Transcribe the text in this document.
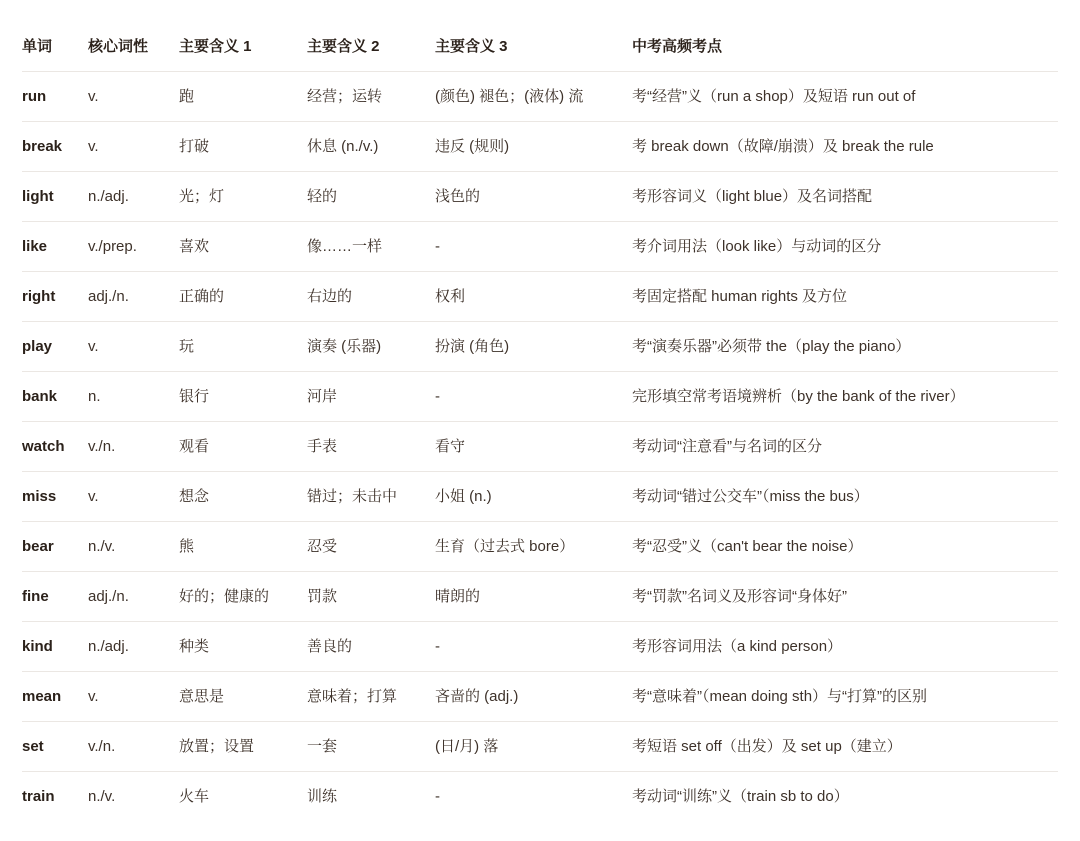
单词	核心词性	主要含义 1	主要含义 2	主要含义 3	中考高频考点
run	v.	跑	经营；运转	(颜色) 褪色；(液体) 流	考“经营”义（run a shop）及短语 run out of
break	v.	打破	休息 (n./v.)	违反 (规则)	考 break down（故障/崩溃）及 break the rule
light	n./adj.	光；灯	轻的	浅色的	考形容词义（light blue）及名词搭配
like	v./prep.	喜欢	像……一样	-	考介词用法（look like）与动词的区分
right	adj./n.	正确的	右边的	权利	考固定搭配 human rights 及方位
play	v.	玩	演奏 (乐器)	扮演 (角色)	考“演奏乐器”必须带 the（play the piano）
bank	n.	银行	河岸	-	完形填空常考语境辨析（by the bank of the river）
watch	v./n.	观看	手表	看守	考动词“注意看”与名词的区分
miss	v.	想念	错过；未击中	小姐 (n.)	考动词“错过公交车”（miss the bus）
bear	n./v.	熊	忍受	生育（过去式 bore）	考“忍受”义（can't bear the noise）
fine	adj./n.	好的；健康的	罚款	晴朗的	考“罚款”名词义及形容词“身体好”
kind	n./adj.	种类	善良的	-	考形容词用法（a kind person）
mean	v.	意思是	意味着；打算	吝啬的 (adj.)	考“意味着”（mean doing sth）与“打算”的区别
set	v./n.	放置；设置	一套	(日/月) 落	考短语 set off（出发）及 set up（建立）
train	n./v.	火车	训练	-	考动词“训练”义（train sb to do）
